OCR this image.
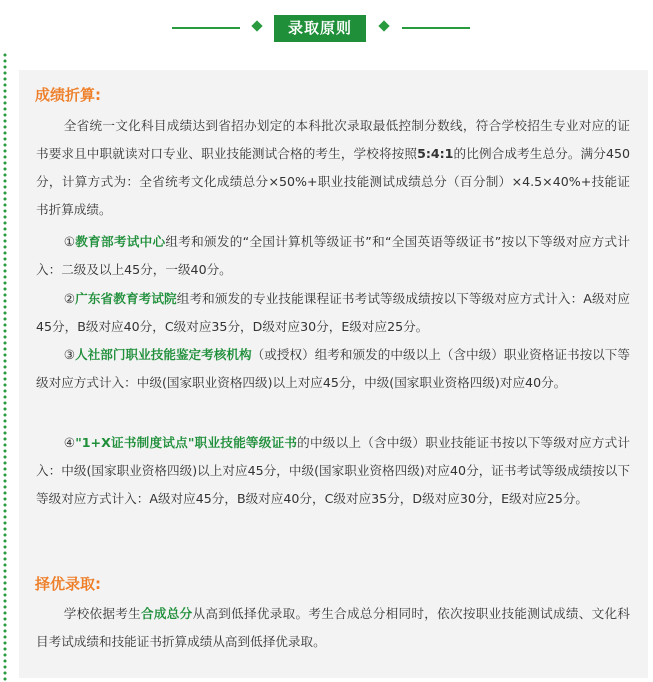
录取原则
成绩折算:

全省统一文化科目成绩达到省招办划定的本科批次录取最低控制分数线，符合学校招生专业对应的证书要求且中职就读对口专业、职业技能测试合格的考生，学校将按照5:4:1的比例合成考生总分。满分450分，计算方式为：全省统考文化成绩总分×50%+职业技能测试成绩总分（百分制）×4.5×40%+技能证书折算成绩。

①教育部考试中心组考和颁发的“全国计算机等级证书”和“全国英语等级证书”按以下等级对应方式计入：二级及以上45分，一级40分。

②广东省教育考试院组考和颁发的专业技能课程证书考试等级成绩按以下等级对应方式计入：A级对应45分，B级对应40分，C级对应35分，D级对应30分，E级对应25分。

③人社部门职业技能鉴定考核机构（或授权）组考和颁发的中级以上（含中级）职业资格证书按以下等级对应方式计入：中级(国家职业资格四级)以上对应45分，中级(国家职业资格四级)对应40分。

④"1+X证书制度试点"职业技能等级证书的中级以上（含中级）职业技能证书按以下等级对应方式计入：中级(国家职业资格四级)以上对应45分，中级(国家职业资格四级)对应40分，证书考试等级成绩按以下等级对应方式计入：A级对应45分，B级对应40分，C级对应35分，D级对应30分，E级对应25分。

择优录取:

学校依据考生合成总分从高到低择优录取。考生合成总分相同时，依次按职业技能测试成绩、文化科目考试成绩和技能证书折算成绩从高到低择优录取。
